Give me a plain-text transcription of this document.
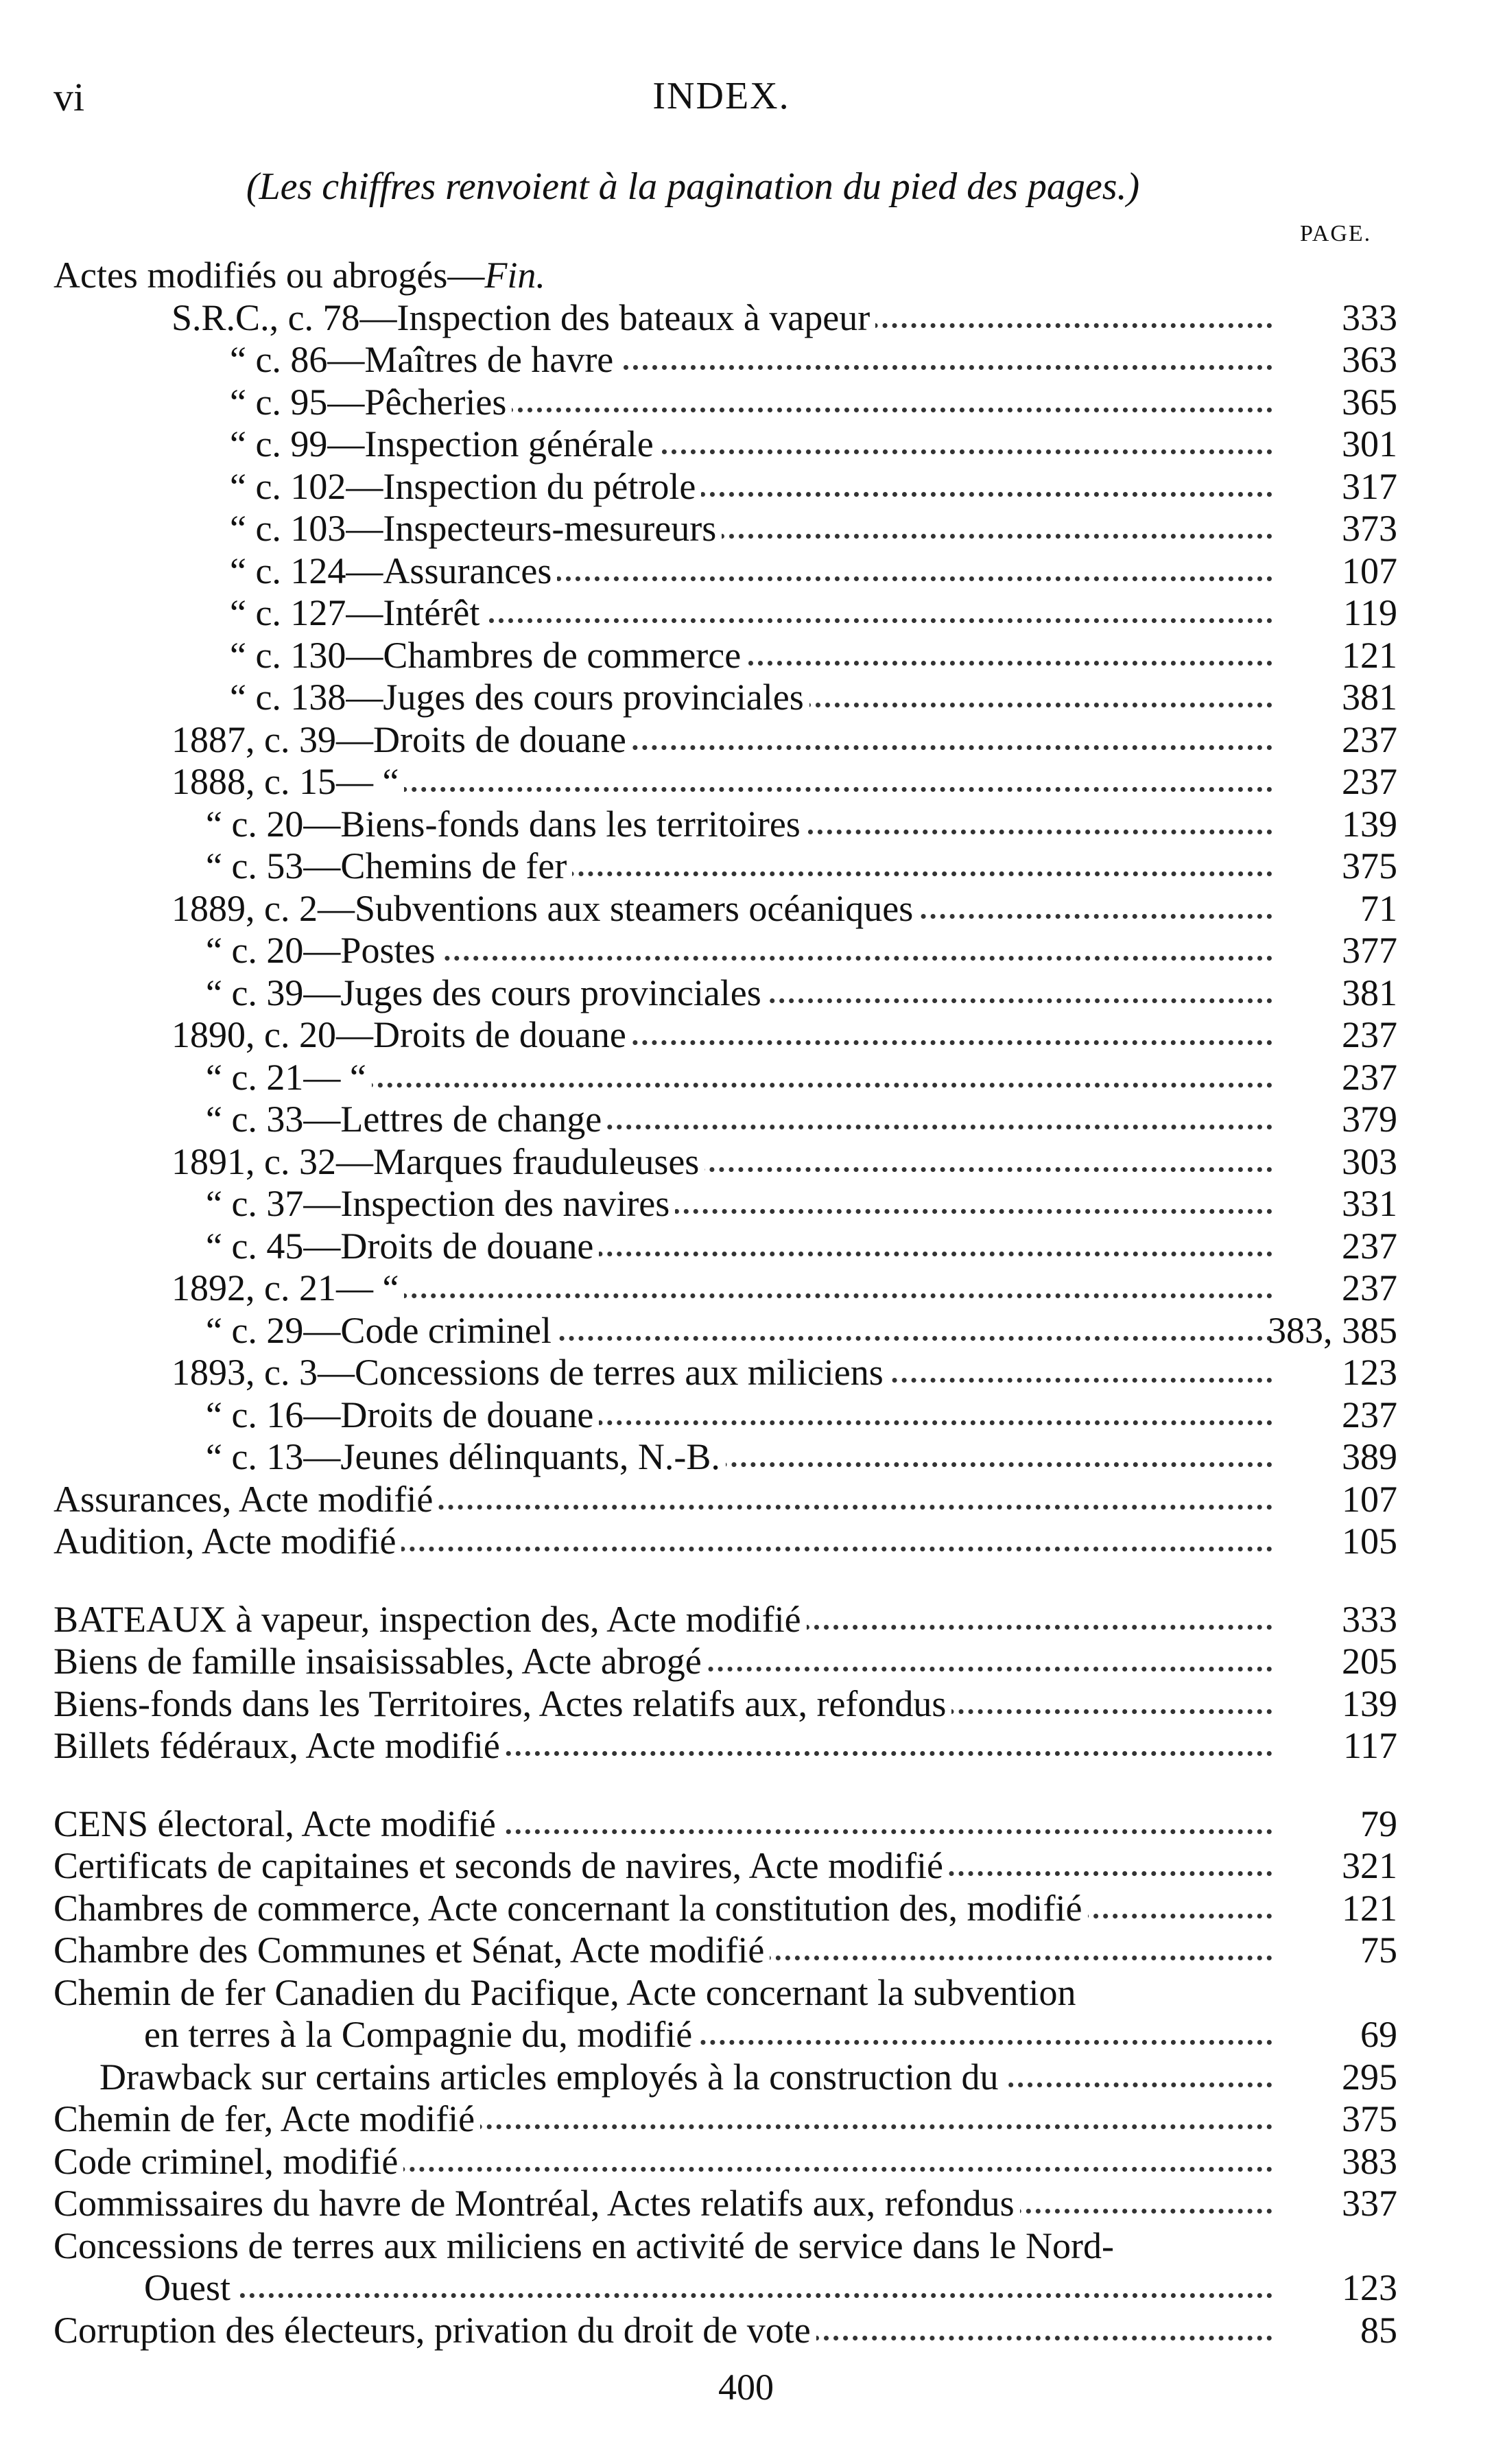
vi	INDEX.
(Les chiffres renvoient à la pagination du pied des pages.)
PAGE.
Actes modifiés ou abrogés—Fin.
S.R.C., c. 78—Inspection des bateaux à vapeur	333
“ c. 86—Maîtres de havre	363
“ c. 95—Pêcheries	365
“ c. 99—Inspection générale	301
“ c. 102—Inspection du pétrole	317
“ c. 103—Inspecteurs-mesureurs	373
“ c. 124—Assurances	107
“ c. 127—Intérêt	119
“ c. 130—Chambres de commerce	121
“ c. 138—Juges des cours provinciales	381
1887, c. 39—Droits de douane	237
1888, c. 15— “	237
“ c. 20—Biens-fonds dans les territoires	139
“ c. 53—Chemins de fer	375
1889, c. 2—Subventions aux steamers océaniques	71
“ c. 20—Postes	377
“ c. 39—Juges des cours provinciales	381
1890, c. 20—Droits de douane	237
“ c. 21— “	237
“ c. 33—Lettres de change	379
1891, c. 32—Marques frauduleuses	303
“ c. 37—Inspection des navires	331
“ c. 45—Droits de douane	237
1892, c. 21— “	237
“ c. 29—Code criminel	383, 385
1893, c. 3—Concessions de terres aux miliciens	123
“ c. 16—Droits de douane	237
“ c. 13—Jeunes délinquants, N.-B.	389
Assurances, Acte modifié	107
Audition, Acte modifié	105
BATEAUX à vapeur, inspection des, Acte modifié	333
Biens de famille insaisissables, Acte abrogé	205
Biens-fonds dans les Territoires, Actes relatifs aux, refondus	139
Billets fédéraux, Acte modifié	117
CENS électoral, Acte modifié	79
Certificats de capitaines et seconds de navires, Acte modifié	321
Chambres de commerce, Acte concernant la constitution des, modifié	121
Chambre des Communes et Sénat, Acte modifié	75
Chemin de fer Canadien du Pacifique, Acte concernant la subvention
en terres à la Compagnie du, modifié	69
Drawback sur certains articles employés à la construction du	295
Chemin de fer, Acte modifié	375
Code criminel, modifié	383
Commissaires du havre de Montréal, Actes relatifs aux, refondus	337
Concessions de terres aux miliciens en activité de service dans le Nord-
Ouest	123
Corruption des électeurs, privation du droit de vote	85
400
